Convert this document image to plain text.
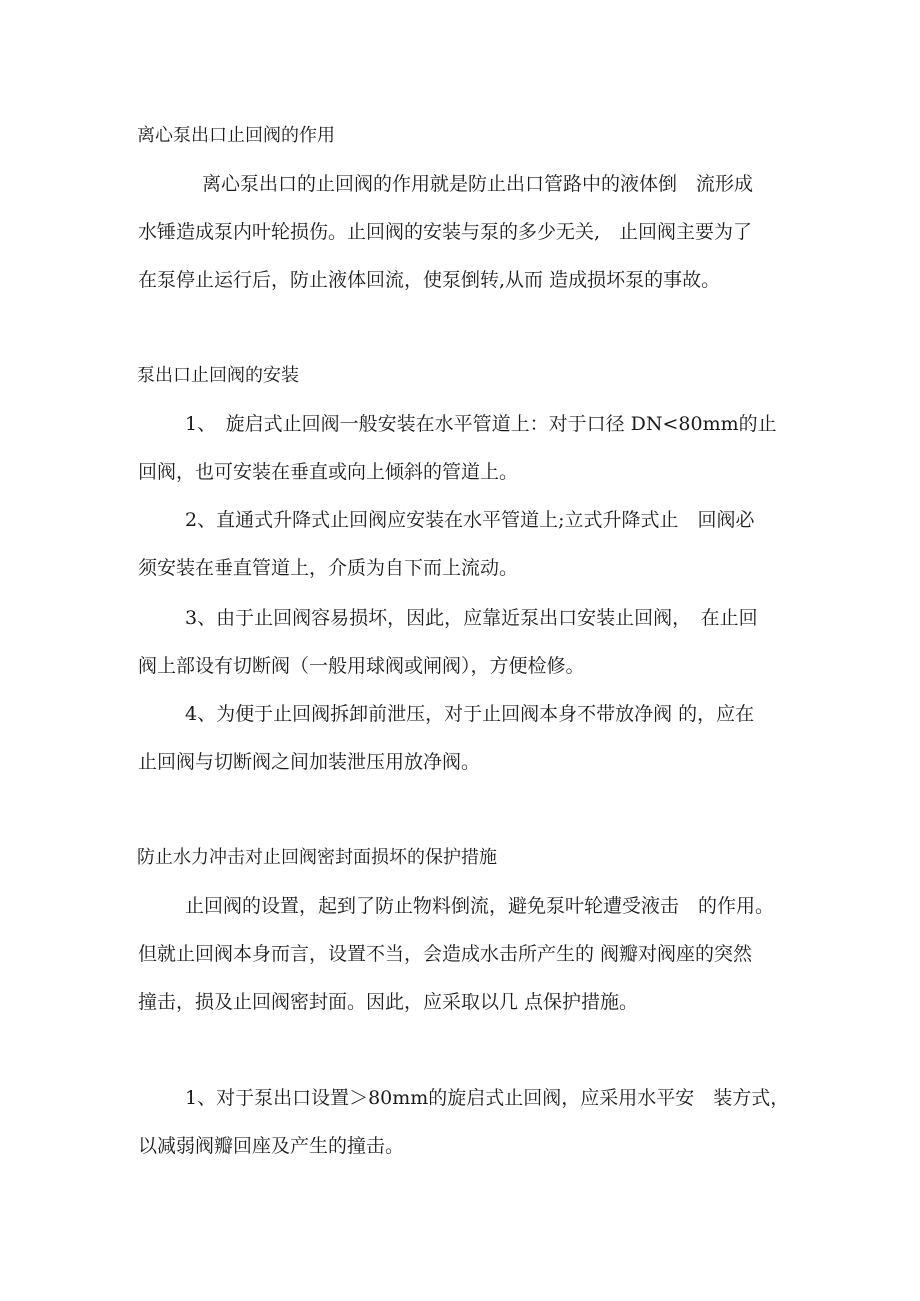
离心泵出口止回阀的作用
离心泵出口的止回阀的作用就是防止出口管路中的液体倒　流形成
水锤造成泵内叶轮损伤。止回阀的安装与泵的多少无关,　止回阀主要为了
在泵停止运行后，防止液体回流，使泵倒转,从而 造成损坏泵的事故。
泵出口止回阀的安装
1、　旋启式止回阀一般安装在水平管道上：对于口径 DN<80mm的止
回阀，也可安装在垂直或向上倾斜的管道上。
2、直通式升降式止回阀应安装在水平管道上;立式升降式止　回阀必
须安装在垂直管道上，介质为自下而上流动。
3、由于止回阀容易损坏，因此，应靠近泵出口安装止回阀，　在止回
阀上部设有切断阀（一般用球阀或闸阀），方便检修。
4、为便于止回阀拆卸前泄压，对于止回阀本身不带放净阀 的，应在
止回阀与切断阀之间加装泄压用放净阀。
防止水力冲击对止回阀密封面损坏的保护措施
止回阀的设置，起到了防止物料倒流，避免泵叶轮遭受液击　的作用。
但就止回阀本身而言，设置不当，会造成水击所产生的 阀瓣对阀座的突然
撞击，损及止回阀密封面。因此，应采取以几 点保护措施。
1、对于泵出口设置＞80mm的旋启式止回阀，应采用水平安　装方式，
以减弱阀瓣回座及产生的撞击。
